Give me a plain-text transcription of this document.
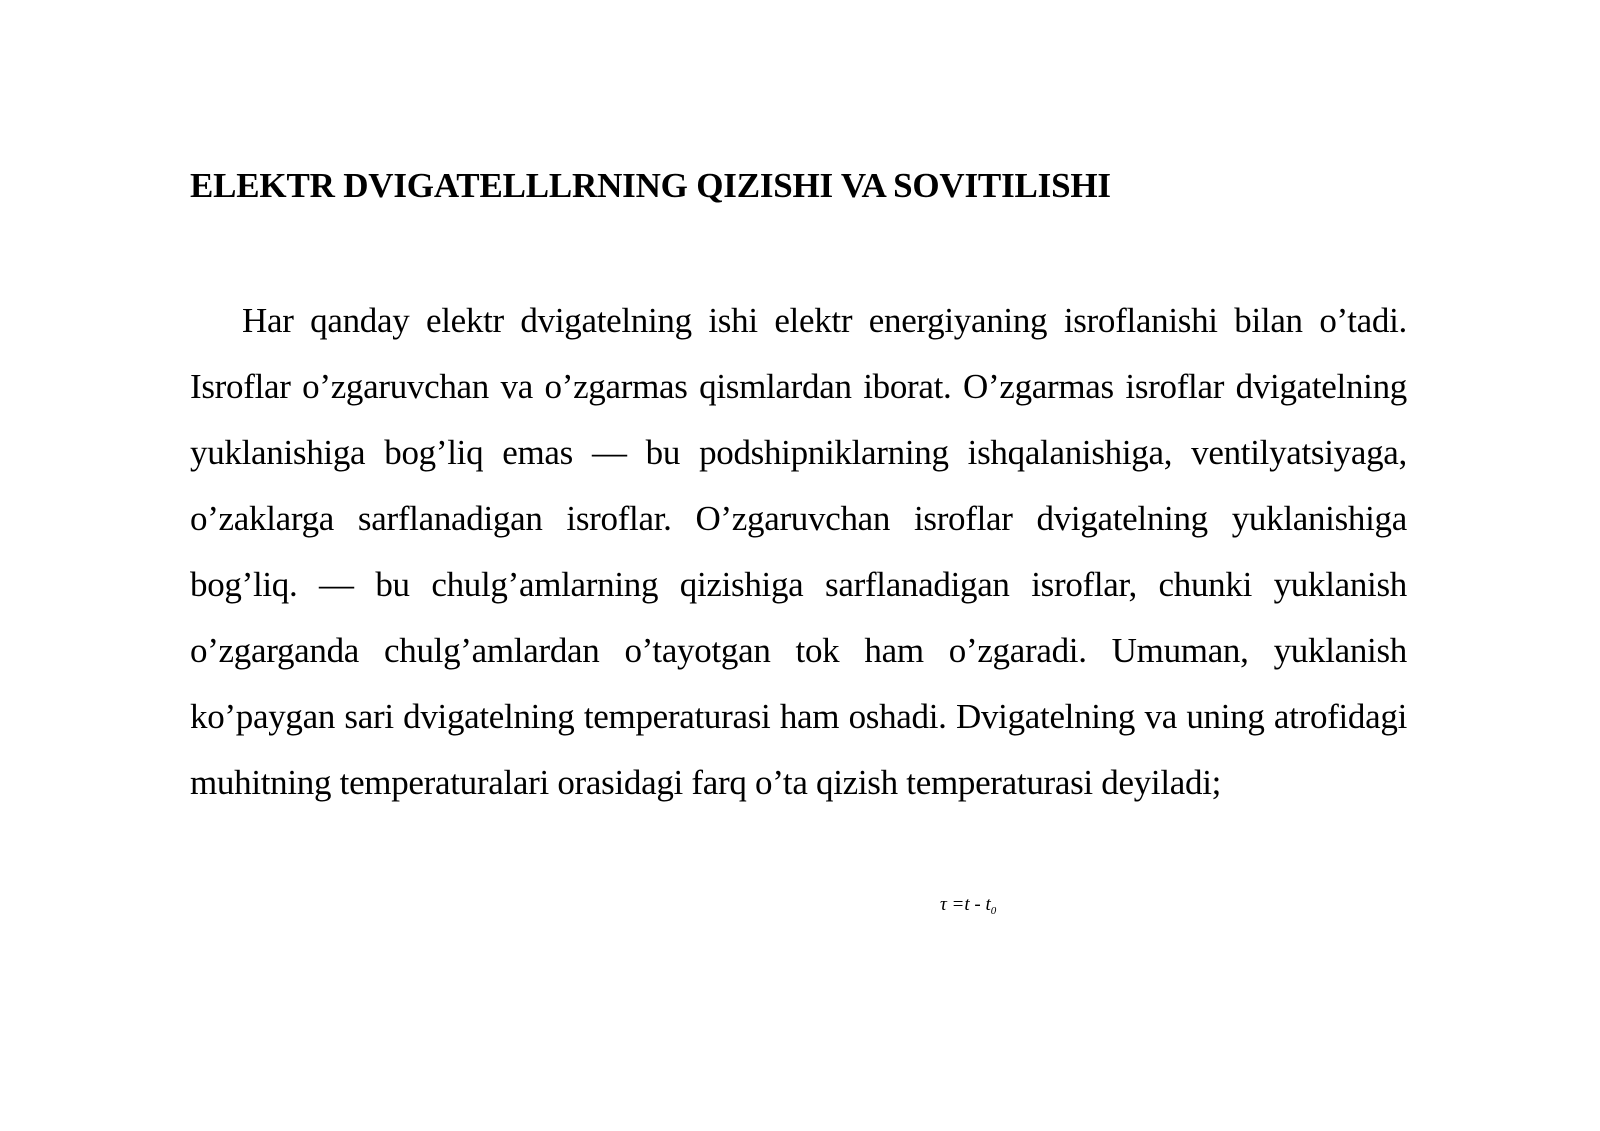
ELEKTR DVIGATELLLRNING QIZISHI VA SOVITILISHI

Har qanday elektr dvigatelning ishi elektr energiyaning isroflanishi bilan o’tadi. Isroflar o’zgaruvchan va o’zgarmas qismlardan iborat. O’zgarmas isroflar dvigatelning yuklanishiga bog’liq emas — bu podshipniklarning ishqalanishiga, ventilyatsiyaga, o’zaklarga sarflanadigan isroflar. O’zgaruvchan isroflar dvigatelning yuklanishiga bog’liq. — bu chulg’amlarning qizishiga sarflanadigan isroflar, chunki yuklanish o’zgarganda chulg’amlardan o’tayotgan tok ham o’zgaradi. Umuman, yuklanish ko’paygan sari dvigatelning temperaturasi ham oshadi. Dvigatelning va uning atrofidagi muhitning temperaturalari orasidagi farq o’ta qizish temperaturasi deyiladi;

$\tau =t - t_0$
